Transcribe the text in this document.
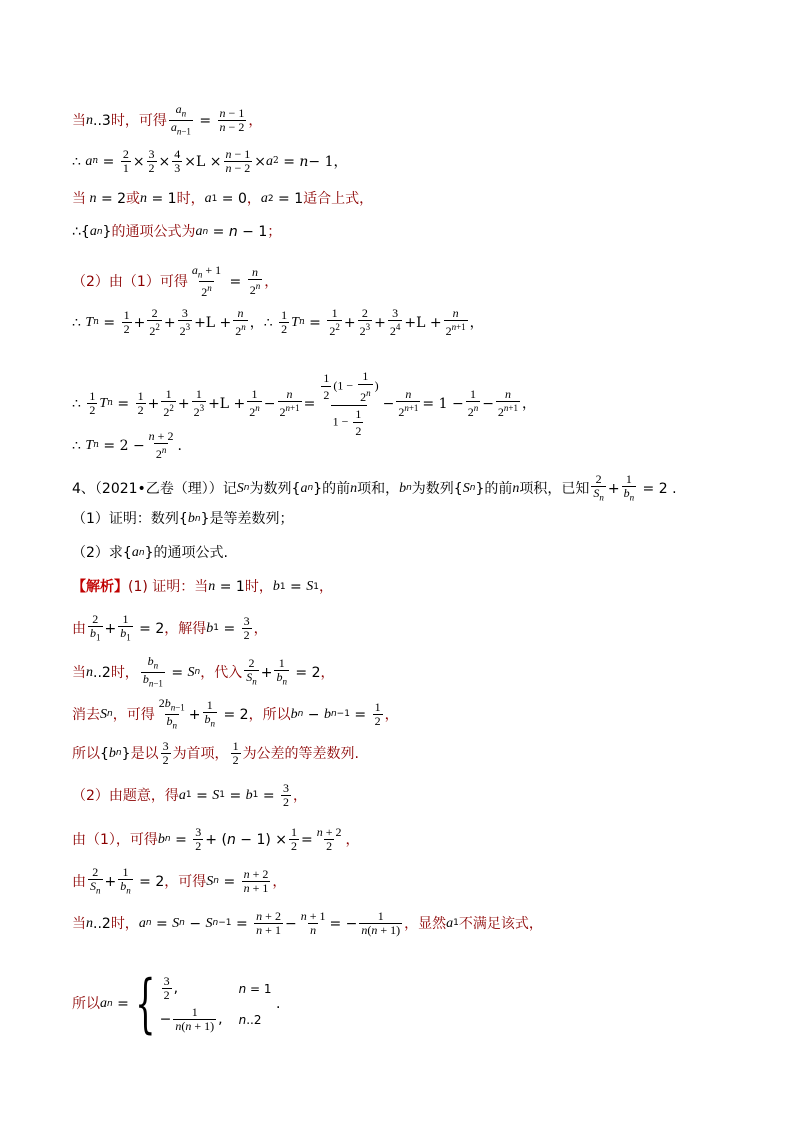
当 n .. 3 时，可得 $\frac{a_n}{a_{n-1}} = \frac{n - 1}{n - 2}$ ，
∴
a n = 2
1 × 3
2 × 4
3 ×L × n − 1
n − 2 × a 2 = n − 1 ，
当 n = 2 或 n = 1 时， a 1 = 0 ， a 2 = 1 适合上式，
∴{ a n } 的通项公式为 a n = n − 1 ；
（2）由（1）可得 $\frac{a_n + 1}{2^n} = \frac{n}{2^n}$ ，
∴ T n = 1
2 +
2
$2^2$ +
3
$2^3 +L$ +
n
2$^n$ ， ∴ 1
2 T n =
1
$2^2$ +
2
$2^3$ +
3
$2^4 +L$ +
n
$2^{n+1}$ ，
∴ 1
2 T n = 1
2 +
1
$2^2$ +
1
$2^3 +L$ +
1
$2^n$ −
n
$2^{n+1}$ =
$\frac{1}{2} (1 - \frac{1}{2^n}$ )
$1 - \frac{1}{2}$
−
n
$2^{n+1} = 1$ −
1
$2^n$ −
n
$2^{n+1}$ ，
∴ T n = 2 −
n + 2
2$^n$ .
4、（2021•乙卷（理））记 S n 为数列 { a n } 的前 n 项和， b n 为数列 { S n } 的前 n 项积，已知
2
$S_n$
+
1
$b_n$
= 2 .
（1）证明：数列 { b n } 是等差数列；
（2）求 { a n } 的通项公式.
【解析】 (1) 证明：当 n = 1 时， b 1 = S 1 ，
由
2
$b_1$
+ $\frac{1}{b_1} = 2$ ，解得 b $1 = \frac{3}{2}$ ，
当 n ..2 时， $\frac{b_n}{b_{n-1}} = S$ n ，代入
2
$S_n$
+ $\frac{1}{b_n} = 2$ ，
消去 S n ，可得
$2b_{n-1}$
$b_n$
+ $\frac{1}{b_n} = 2$ ，所以 b n − b $n-1 = \frac{1}{2}$ ，
所以 { b n } 是以 3
2 为首项， 1
2 为公差的等差数列.
（2）由题意，得 a 1 = S 1 = b $1 = \frac{3}{2}$ ，
由（1），可得 b $n = \frac{3}{2} + (n - 1) \times \frac{1}{2} = \frac{n + 2}{2}$ ，
由
2
$S_n$
+ $\frac{1}{b_n} = 2$ ，可得 S $n = \frac{n + 2}{n + 1}$ ，
当 n ..2 时， a n = S n − S $n-1 = \frac{n + 2}{n + 1} - \frac{n + 1}{n}$ = − $\frac{1}{n(n + 1)}$ ，显然 a 1 不满足该式，
所以 a n = { $\frac{3}{2}$ ,	n = 1
− $\frac{1}{n(n + 1)}$ , n..2
.
